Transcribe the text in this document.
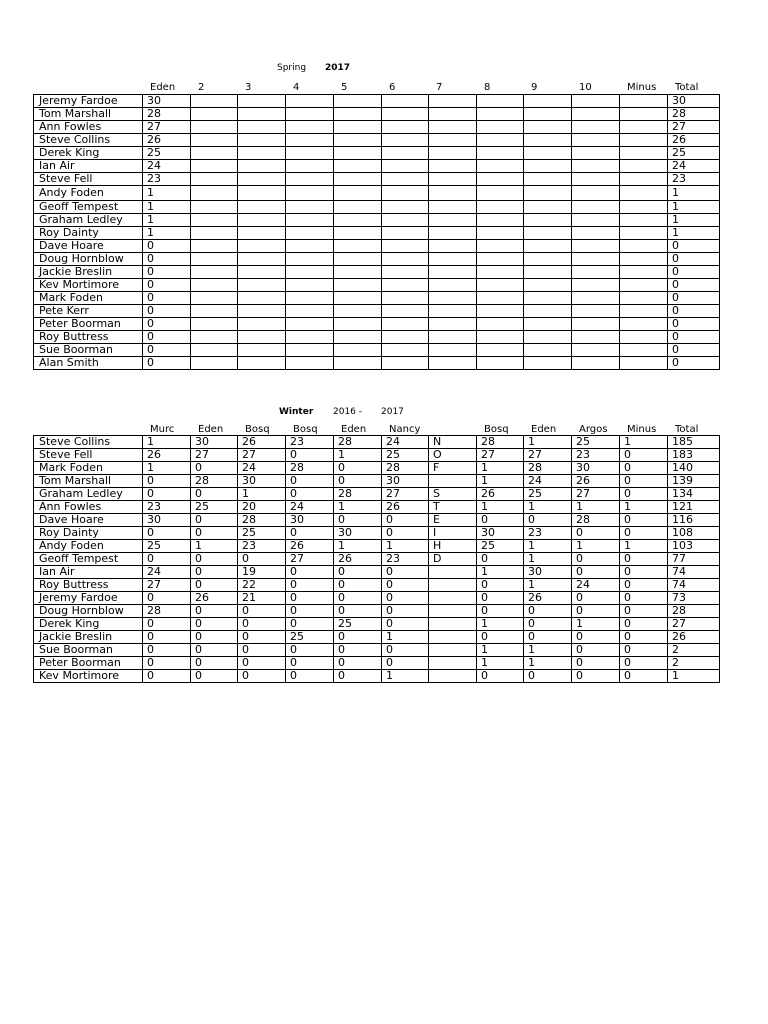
Spring 2017
Eden 2	3	4	5	6	7	8	9	10	Minus Total
Jeremy Fardoe	30											30
Tom Marshall	28											28
Ann Fowles	27											27
Steve Collins	26											26
Derek King	25											25
Ian Air	24											24
Steve Fell	23											23
Andy Foden	1											1
Geoff Tempest	1											1
Graham Ledley	1											1
Roy Dainty	1											1
Dave Hoare	0											0
Doug Hornblow	0											0
Jackie Breslin	0											0
Kev Mortimore	0											0
Mark Foden	0											0
Pete Kerr	0											0
Peter Boorman	0											0
Roy Buttress	0											0
Sue Boorman	0											0
Alan Smith	0											0
Winter 2016 - 2017
Murc Eden Bosq Bosq Eden Nancy	Bosq Eden Argos Minus Total
Steve Collins	1	30	26	23	28	24	N	28	1	25	1	185
Steve Fell	26	27	27	0	1	25	O	27	27	23	0	183
Mark Foden	1	0	24	28	0	28	F	1	28	30	0	140
Tom Marshall	0	28	30	0	0	30		1	24	26	0	139
Graham Ledley	0	0	1	0	28	27	S	26	25	27	0	134
Ann Fowles	23	25	20	24	1	26	T	1	1	1	1	121
Dave Hoare	30	0	28	30	0	0	E	0	0	28	0	116
Roy Dainty	0	0	25	0	30	0	I	30	23	0	0	108
Andy Foden	25	1	23	26	1	1	H	25	1	1	1	103
Geoff Tempest	0	0	0	27	26	23	D	0	1	0	0	77
Ian Air	24	0	19	0	0	0		1	30	0	0	74
Roy Buttress	27	0	22	0	0	0		0	1	24	0	74
Jeremy Fardoe	0	26	21	0	0	0		0	26	0	0	73
Doug Hornblow	28	0	0	0	0	0		0	0	0	0	28
Derek King	0	0	0	0	25	0		1	0	1	0	27
Jackie Breslin	0	0	0	25	0	1		0	0	0	0	26
Sue Boorman	0	0	0	0	0	0		1	1	0	0	2
Peter Boorman	0	0	0	0	0	0		1	1	0	0	2
Kev Mortimore	0	0	0	0	0	1		0	0	0	0	1
